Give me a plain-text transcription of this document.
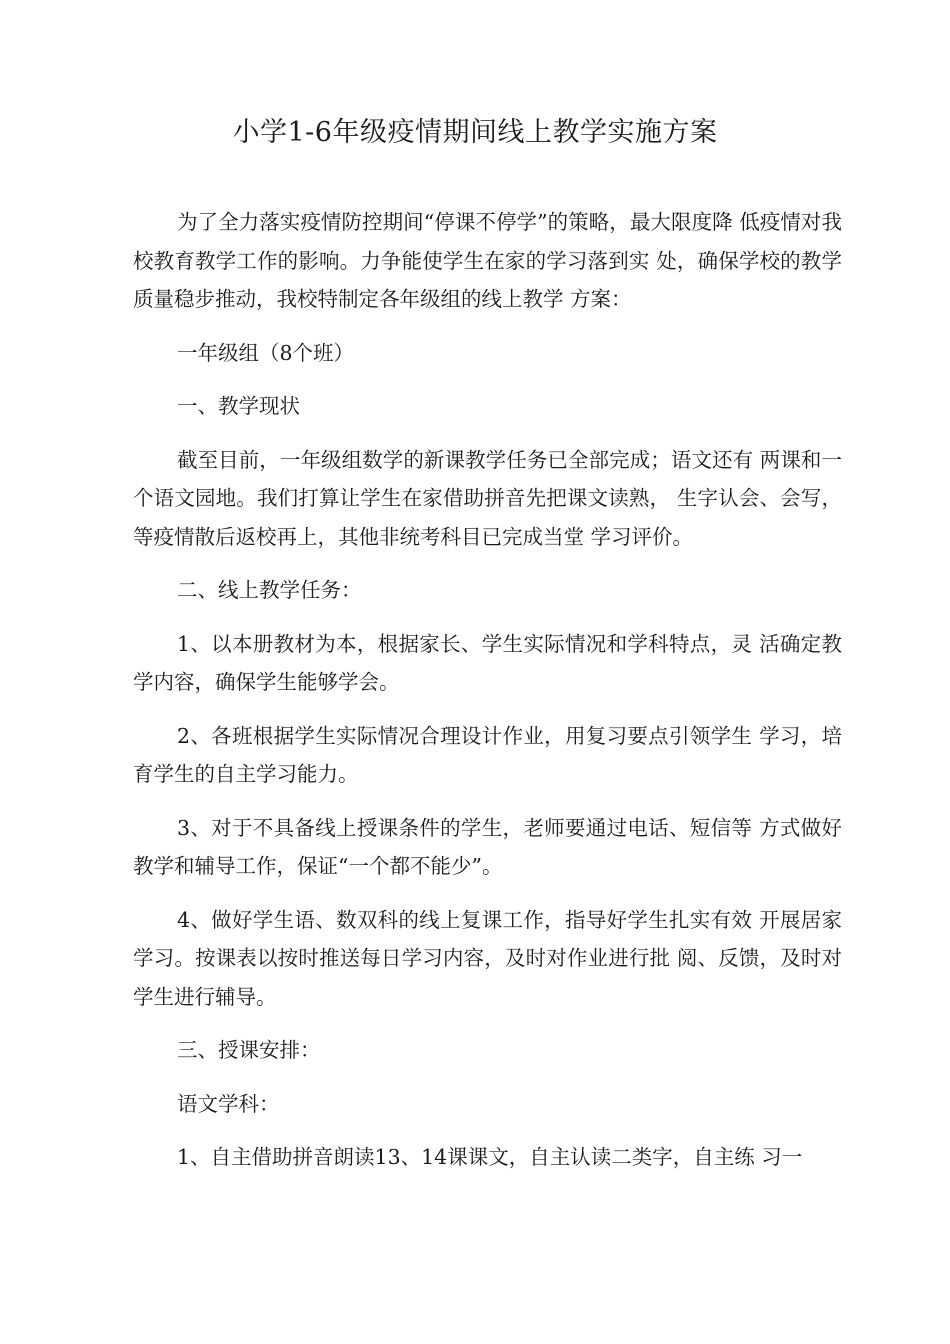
小学1-6年级疫情期间线上教学实施方案

为了全力落实疫情防控期间“停课不停学”的策略，最大限度降 低疫情对我校教育教学工作的影响。力争能使学生在家的学习落到实 处，确保学校的教学质量稳步推动，我校特制定各年级组的线上教学 方案：

一年级组（8个班）

一、教学现状

截至目前，一年级组数学的新课教学任务已全部完成；语文还有 两课和一个语文园地。我们打算让学生在家借助拼音先把课文读熟， 生字认会、会写，等疫情散后返校再上，其他非统考科目已完成当堂 学习评价。

二、线上教学任务：

1、以本册教材为本，根据家长、学生实际情况和学科特点，灵 活确定教学内容，确保学生能够学会。

2、各班根据学生实际情况合理设计作业，用复习要点引领学生 学习，培育学生的自主学习能力。

3、对于不具备线上授课条件的学生，老师要通过电话、短信等 方式做好教学和辅导工作，保证“一个都不能少”。

4、做好学生语、数双科的线上复课工作，指导好学生扎实有效 开展居家学习。按课表以按时推送每日学习内容，及时对作业进行批 阅、反馈，及时对学生进行辅导。

三、授课安排：

语文学科：

1、自主借助拼音朗读13、14课课文，自主认读二类字，自主练 习一
